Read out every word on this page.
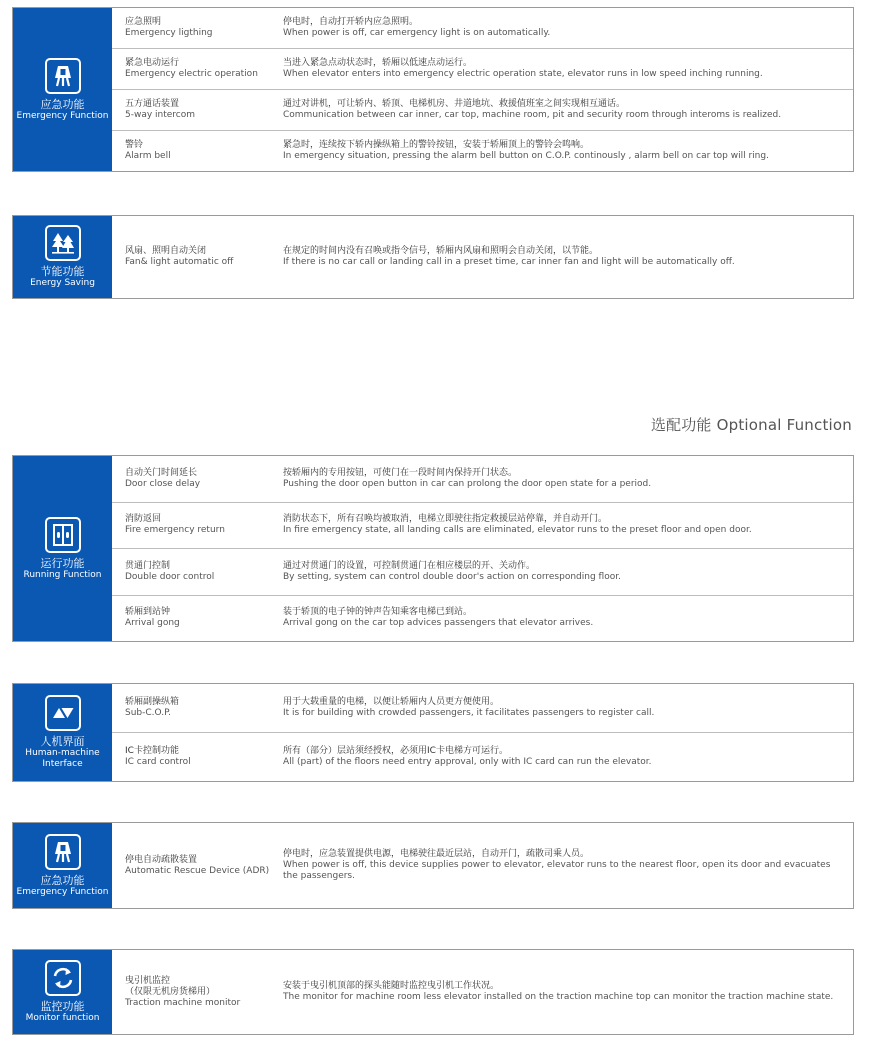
应急功能
Emergency Function
应急照明
Emergency ligthing
停电时，自动打开轿内应急照明。
When power is off, car emergency light is on automatically.
紧急电动运行
Emergency electric operation
当进入紧急点动状态时，轿厢以低速点动运行。
When elevator enters into emergency electric operation state, elevator runs in low speed inching running.
五方通话装置
5-way intercom
通过对讲机，可让轿内、轿顶、电梯机房、井道地坑、救援值班室之间实现相互通话。
Communication between car inner, car top, machine room, pit and security room through interoms is realized.
警铃
Alarm bell
紧急时，连续按下轿内操纵箱上的警铃按钮，安装于轿厢顶上的警铃会鸣响。
In emergency situation, pressing the alarm bell button on C.O.P. continously , alarm bell on car top will ring.
节能功能
Energy Saving
风扇、照明自动关闭
Fan& light automatic off
在规定的时间内没有召唤或指令信号，轿厢内风扇和照明会自动关闭，以节能。
If there is no car call or landing call in a preset time, car inner fan and light will be automatically off.
选配功能 Optional Function
运行功能
Running Function
自动关门时间延长
Door close delay
按轿厢内的专用按钮，可使门在一段时间内保持开门状态。
Pushing the door open button in car can prolong the door open state for a period.
消防返回
Fire emergency return
消防状态下，所有召唤均被取消，电梯立即驶往指定救援层站停靠，并自动开门。
In fire emergency state, all landing calls are eliminated, elevator runs to the preset floor and open door.
贯通门控制
Double door control
通过对贯通门的设置，可控制贯通门在相应楼层的开、关动作。
By setting, system can control double door's action on corresponding floor.
轿厢到站钟
Arrival gong
装于轿顶的电子钟的钟声告知乘客电梯已到站。
Arrival gong on the car top advices passengers that elevator arrives.
人机界面
Human-machine Interface
轿厢副操纵箱
Sub-C.O.P.
用于大载重量的电梯，以便让轿厢内人员更方便使用。
It is for building with crowded passengers, it facilitates passengers to register call.
IC卡控制功能
IC card control
所有（部分）层站须经授权，必须用IC卡电梯方可运行。
All (part) of the floors need entry approval, only with IC card can run the elevator.
应急功能
Emergency Function
停电自动疏散装置
Automatic Rescue Device (ADR)
停电时，应急装置提供电源，电梯驶往最近层站，自动开门，疏散司乘人员。
When power is off, this device supplies power to elevator, elevator runs to the nearest floor, open its door and evacuates the passengers.
监控功能
Monitor function
曳引机监控
（仅限无机房货梯用）
Traction machine monitor
安装于曳引机顶部的探头能随时监控曳引机工作状况。
The monitor for machine room less elevator installed on the traction machine top can monitor the traction machine state.
